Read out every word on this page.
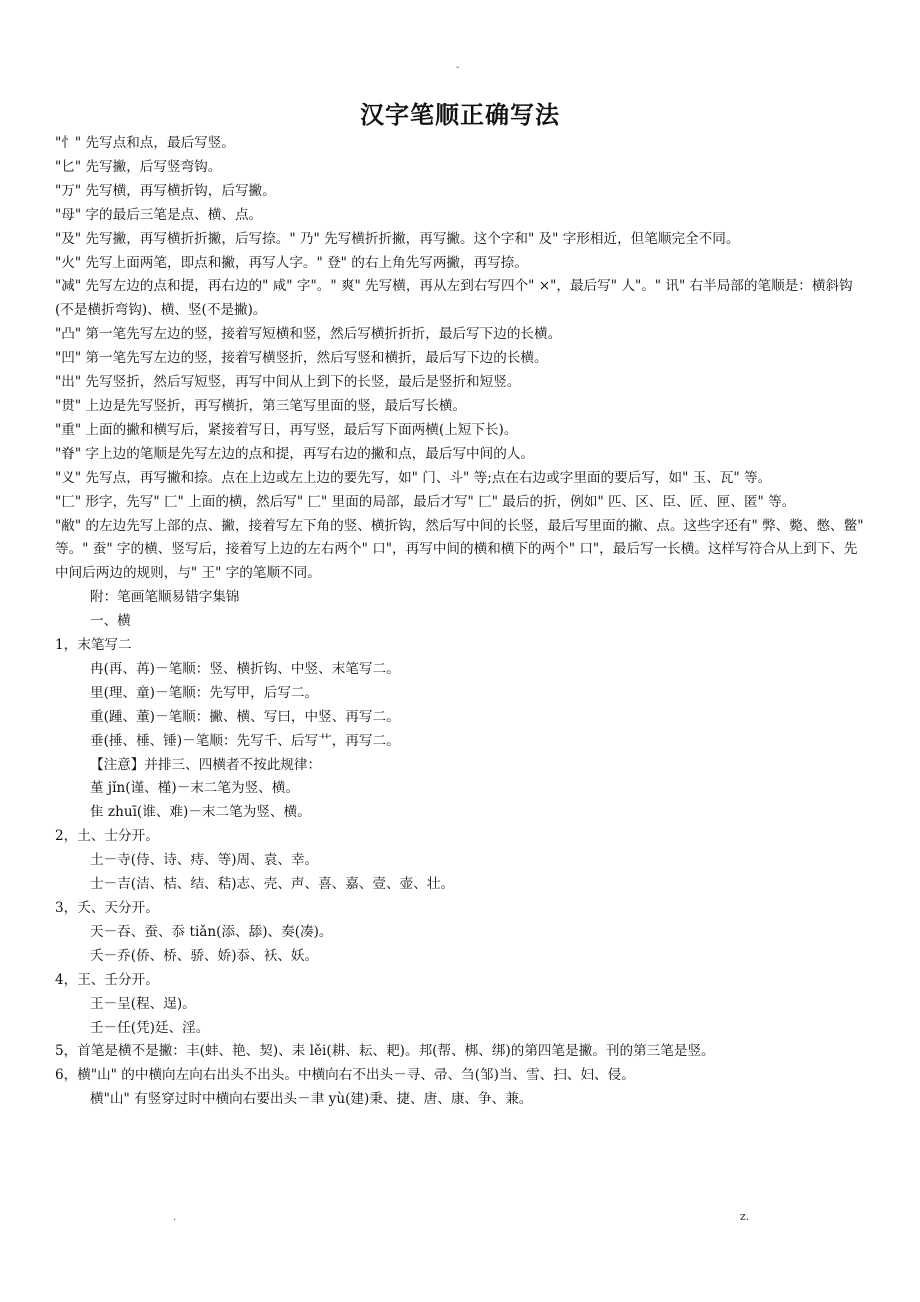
-
汉字笔顺正确写法

"忄" 先写点和点，最后写竖。

"匕" 先写撇，后写竖弯钩。

"万" 先写横，再写横折钩，后写撇。

"母" 字的最后三笔是点、横、点。

"及" 先写撇，再写横折折撇，后写捺。" 乃" 先写横折折撇，再写撇。这个字和" 及" 字形相近，但笔顺完全不同。

"火" 先写上面两笔，即点和撇，再写人字。" 登" 的右上角先写两撇，再写捺。

"减" 先写左边的点和提，再右边的" 咸" 字"。" 爽" 先写横，再从左到右写四个" ×"，最后写" 人"。" 讯" 右半局部的笔顺是：横斜钩(不是横折弯钩)、横、竖(不是撇)。

"凸" 第一笔先写左边的竖，接着写短横和竖，然后写横折折折，最后写下边的长横。

"凹" 第一笔先写左边的竖，接着写横竖折，然后写竖和横折，最后写下边的长横。

"出" 先写竖折，然后写短竖，再写中间从上到下的长竖，最后是竖折和短竖。

"贯" 上边是先写竖折，再写横折，第三笔写里面的竖，最后写长横。

"重" 上面的撇和横写后，紧接着写日，再写竖，最后写下面两横(上短下长)。

"脊" 字上边的笔顺是先写左边的点和提，再写右边的撇和点，最后写中间的人。

"义" 先写点，再写撇和捺。点在上边或左上边的要先写，如" 门、斗" 等;点在右边或字里面的要后写，如" 玉、瓦" 等。

"匚" 形字，先写" 匚" 上面的横，然后写" 匚" 里面的局部，最后才写" 匚" 最后的折，例如" 匹、区、臣、匠、匣、匿" 等。

"敝" 的左边先写上部的点、撇，接着写左下角的竖、横折钩，然后写中间的长竖，最后写里面的撇、点。这些字还有" 弊、斃、憋、鳖" 等。" 蚕" 字的横、竖写后，接着写上边的左右两个" 口"，再写中间的横和横下的两个" 口"，最后写一长横。这样写符合从上到下、先中间后两边的规则，与" 王" 字的笔顺不同。

附：笔画笔顺易错字集锦

一、横

1，末笔写二

冉(再、苒)－笔顺：竖、横折钩、中竖、末笔写二。

里(理、童)－笔顺：先写甲，后写二。

重(踵、董)－笔顺：撇、横、写曰，中竖、再写二。

垂(捶、棰、锤)－笔顺：先写千、后写艹，再写二。

【注意】并排三、四横者不按此规律：

堇 jǐn(谨、槿)－末二笔为竖、横。

隹 zhuī(谁、难)－末二笔为竖、横。

2，土、士分开。

土－寺(侍、诗、痔、等)周、袁、幸。

士－吉(洁、桔、结、秸)志、壳、声、喜、嘉、壹、壶、壮。

3，夭、天分开。

天－吞、蚕、忝 tiǎn(添、舔)、奏(凑)。

夭－乔(侨、桥、骄、娇)忝、袄、妖。

4，王、壬分开。

王－呈(程、逞)。

壬－任(凭)廷、淫。

5，首笔是横不是撇：丰(蚌、艳、契)、耒 lěi(耕、耘、耙)。邦(帮、梆、绑)的第四笔是撇。刊的第三笔是竖。

6，横"山" 的中横向左向右出头不出头。中横向右不出头－寻、帚、刍(邹)当、雪、扫、妇、侵。

横"山" 有竖穿过时中横向右要出头－聿 yù(建)秉、捷、唐、康、争、兼。

.	z.
